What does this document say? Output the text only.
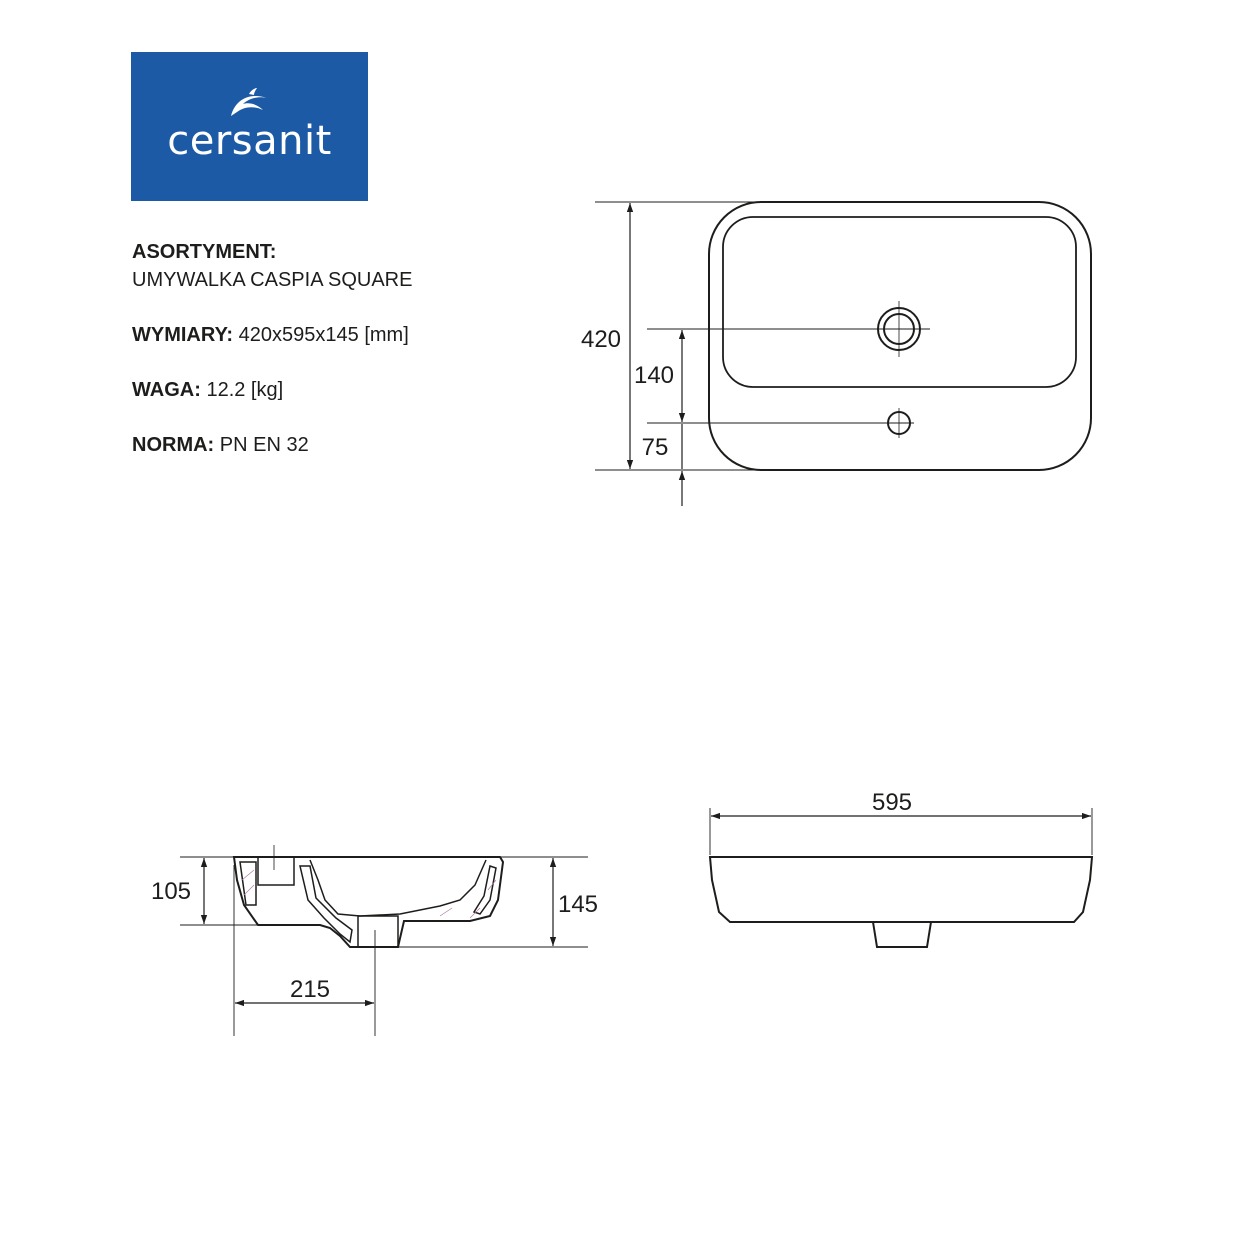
cersanit
ASORTYMENT:
UMYWALKA CASPIA SQUARE
WYMIARY: 420x595x145 [mm]
WAGA: 12.2 [kg]
NORMA: PN EN 32
420
140
75
105	145
215
595
